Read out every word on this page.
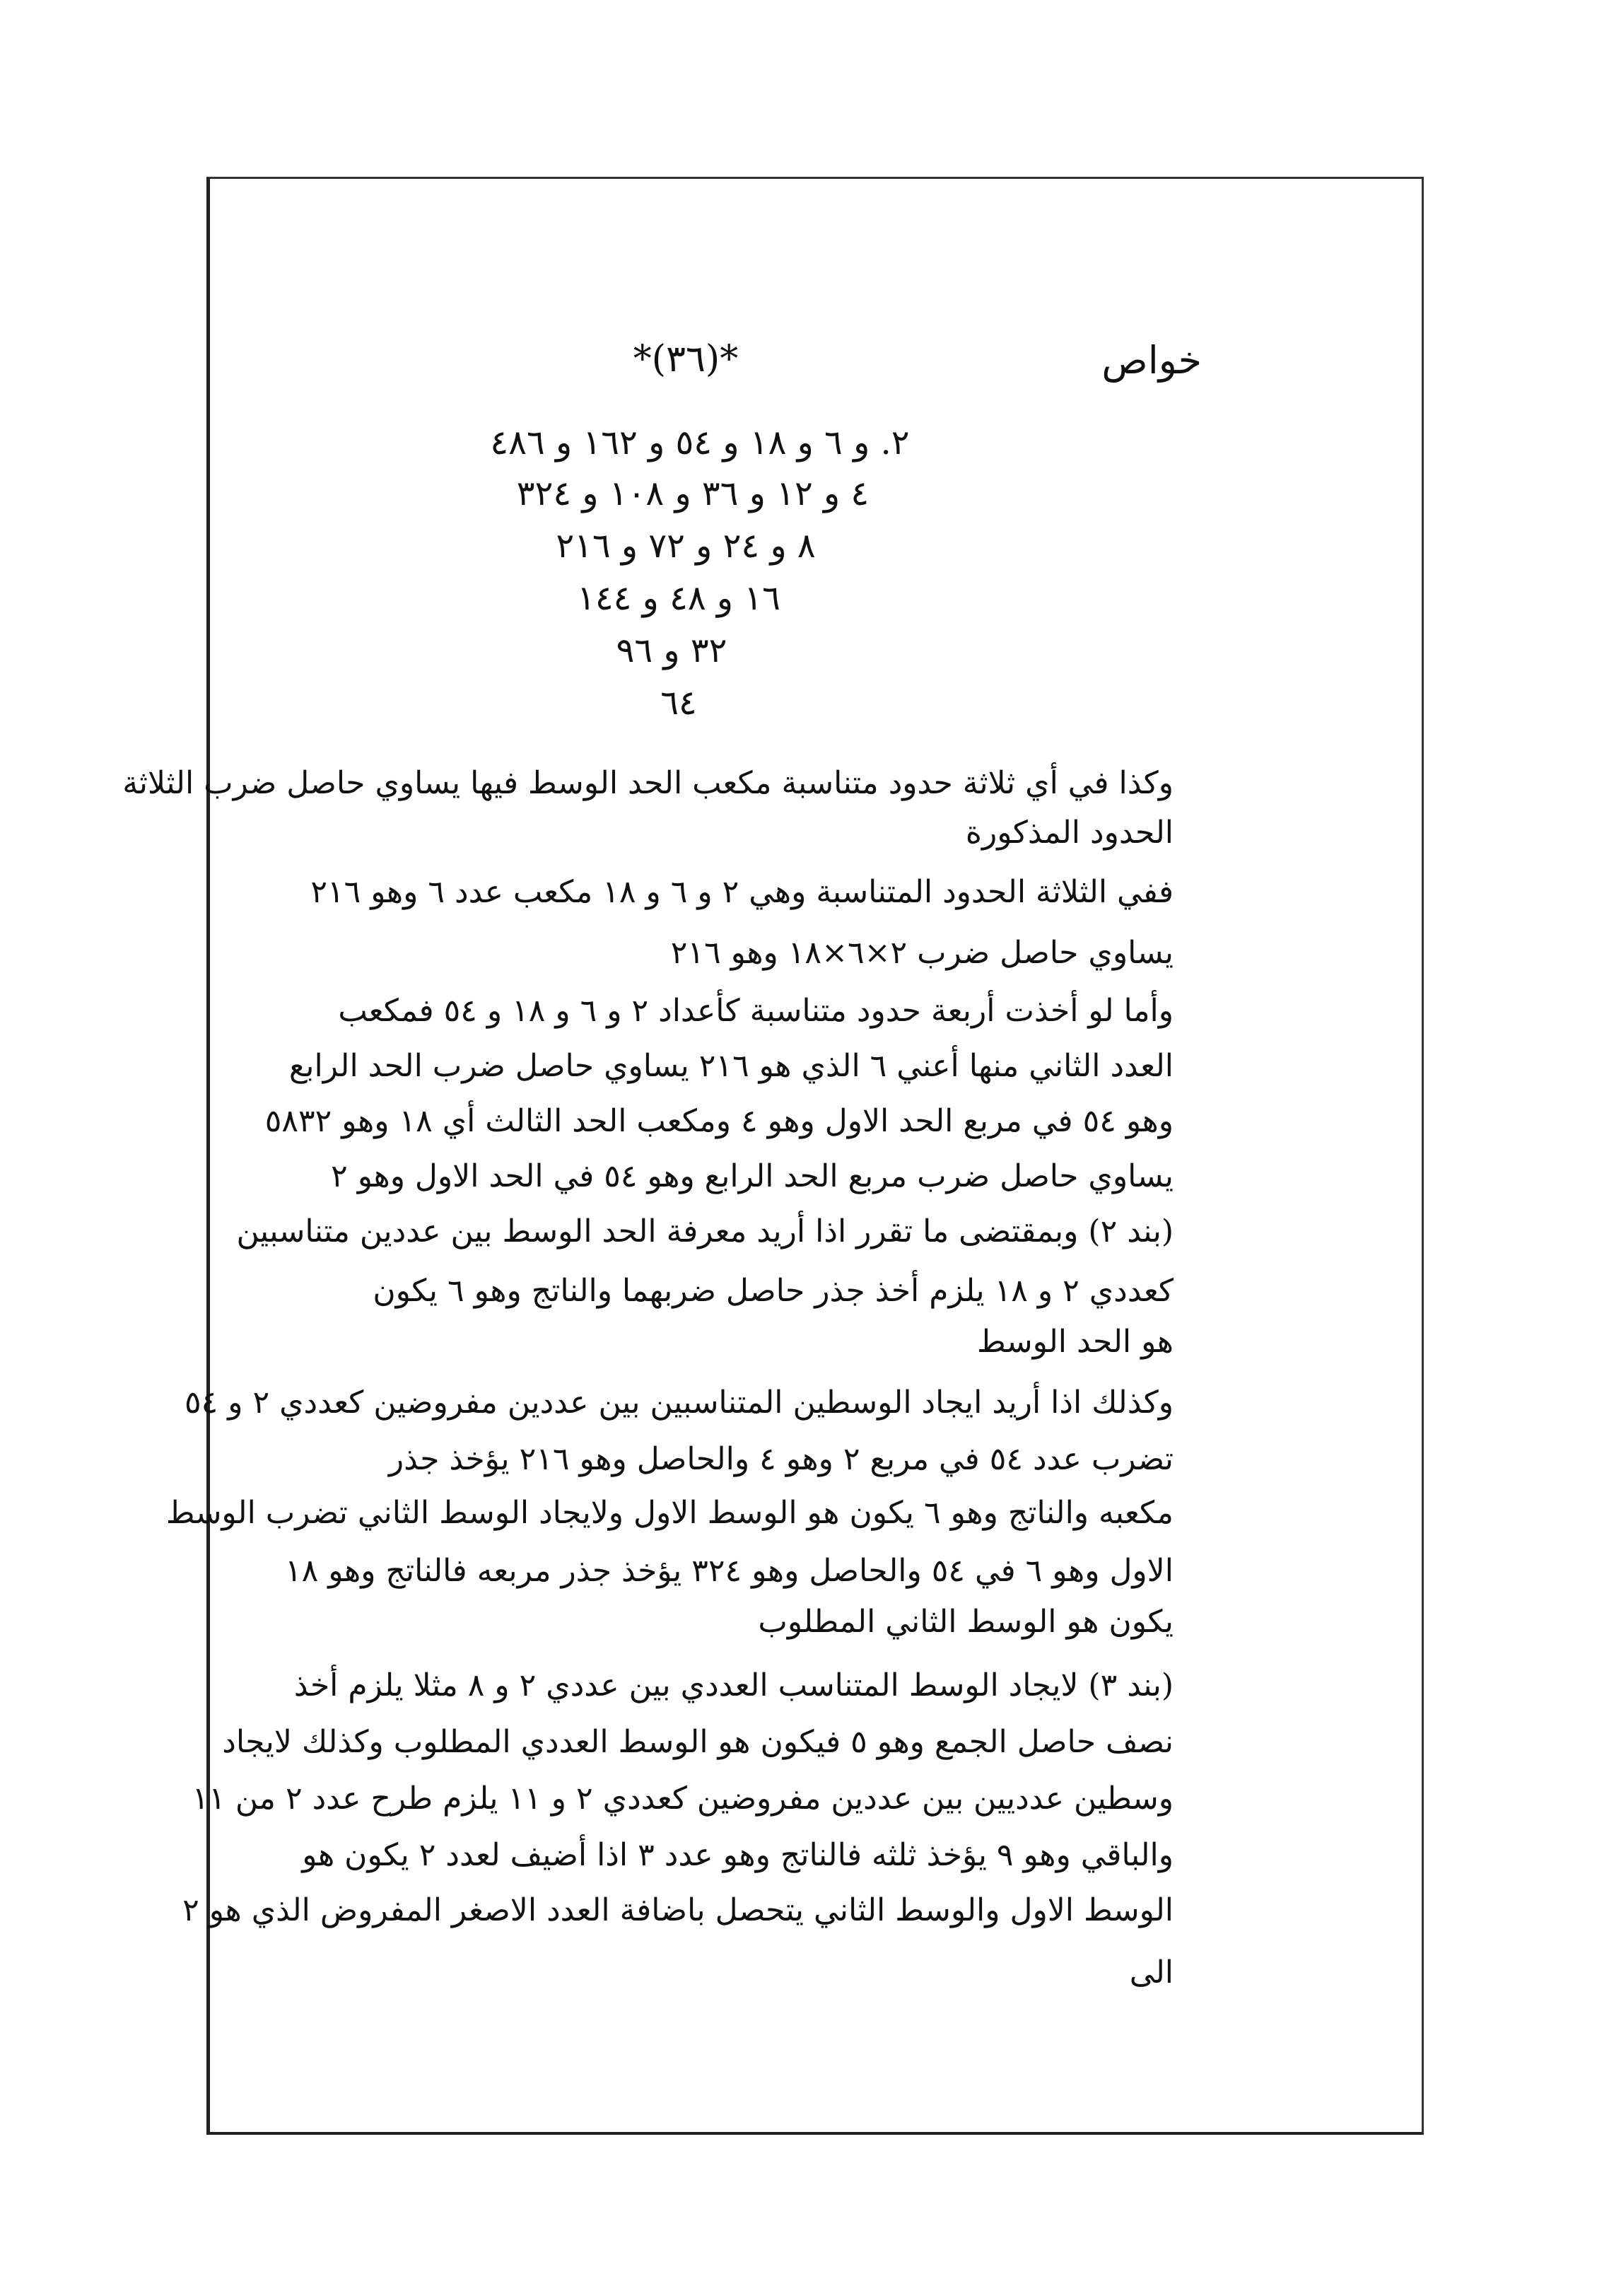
خواص
*(٣٦)*
٢. و ٦ و ١٨ و ٥٤ و ١٦٢ و ٤٨٦
٤ و ١٢ و ٣٦ و ١٠٨ و ٣٢٤
٨ و ٢٤ و ٧٢ و ٢١٦
١٦ و ٤٨ و ١٤٤
٣٢ و ٩٦
٦٤
وكذا في أي ثلاثة حدود متناسبة مكعب الحد الوسط فيها يساوي حاصل ضرب الثلاثة
الحدود المذكورة
ففي الثلاثة الحدود المتناسبة وهي ٢ و ٦ و ١٨ مكعب عدد ٦ وهو ٢١٦
يساوي حاصل ضرب ٢×٦×١٨ وهو ٢١٦
وأما لو أخذت أربعة حدود متناسبة كأعداد ٢ و ٦ و ١٨ و ٥٤ فمكعب
العدد الثاني منها أعني ٦ الذي هو ٢١٦ يساوي حاصل ضرب الحد الرابع
وهو ٥٤ في مربع الحد الاول وهو ٤ ومكعب الحد الثالث أي ١٨ وهو ٥٨٣٢
يساوي حاصل ضرب مربع الحد الرابع وهو ٥٤ في الحد الاول وهو ٢
(بند ٢) وبمقتضى ما تقرر اذا أريد معرفة الحد الوسط بين عددين متناسبين
كعددي ٢ و ١٨ يلزم أخذ جذر حاصل ضربهما والناتج وهو ٦ يكون
هو الحد الوسط
وكذلك اذا أريد ايجاد الوسطين المتناسبين بين عددين مفروضين كعددي ٢ و ٥٤
تضرب عدد ٥٤ في مربع ٢ وهو ٤ والحاصل وهو ٢١٦ يؤخذ جذر
مكعبه والناتج وهو ٦ يكون هو الوسط الاول ولايجاد الوسط الثاني تضرب الوسط
الاول وهو ٦ في ٥٤ والحاصل وهو ٣٢٤ يؤخذ جذر مربعه فالناتج وهو ١٨
يكون هو الوسط الثاني المطلوب
(بند ٣) لايجاد الوسط المتناسب العددي بين عددي ٢ و ٨ مثلا يلزم أخذ
نصف حاصل الجمع وهو ٥ فيكون هو الوسط العددي المطلوب وكذلك لايجاد
وسطين عدديين بين عددين مفروضين كعددي ٢ و ١١ يلزم طرح عدد ٢ من ١١
والباقي وهو ٩ يؤخذ ثلثه فالناتج وهو عدد ٣ اذا أضيف لعدد ٢ يكون هو
الوسط الاول والوسط الثاني يتحصل باضافة العدد الاصغر المفروض الذي هو ٢
الى
